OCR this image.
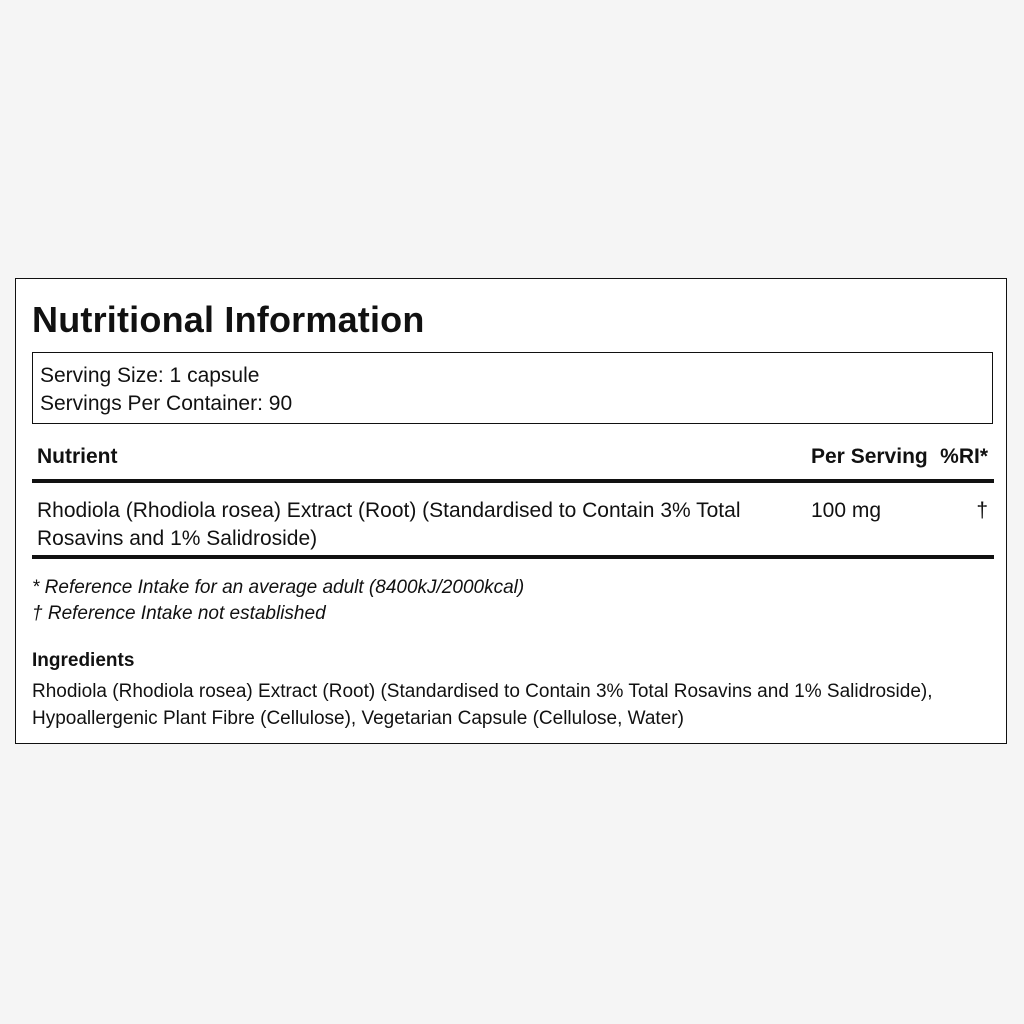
Nutritional Information
Serving Size: 1 capsule
Servings Per Container: 90
Nutrient	Per Serving %RI*
Rhodiola (Rhodiola rosea) Extract (Root) (Standardised to Contain 3% Total Rosavins and 1% Salidroside)
100 mg	†
* Reference Intake for an average adult (8400kJ/2000kcal)
† Reference Intake not established
Ingredients

Rhodiola (Rhodiola rosea) Extract (Root) (Standardised to Contain 3% Total Rosavins and 1% Salidroside), Hypoallergenic Plant Fibre (Cellulose), Vegetarian Capsule (Cellulose, Water)
